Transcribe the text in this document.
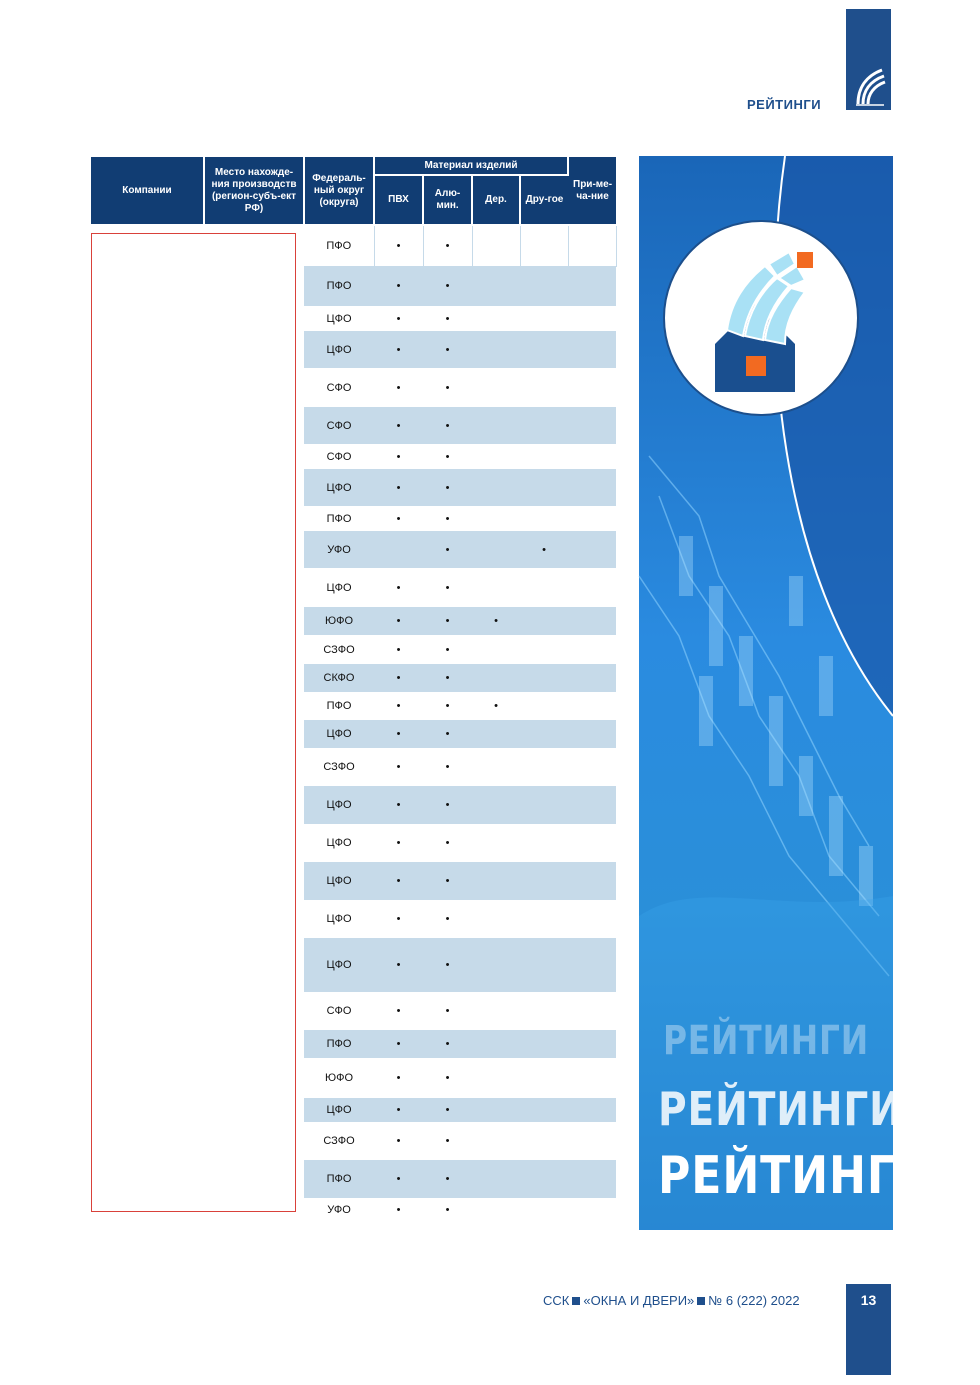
РЕЙТИНГИ
Компании	Место нахожде-ния производств (регион-субъ-ект РФ)	Федераль-ный округ (округа)	Материал изделий				При-ме-ча-ние
			ПВХ	Алю-мин.	Дер.	Дру-гое	
		ПФО	•	•			
		ПФО	•	•			
		ЦФО	•	•			
		ЦФО	•	•			
		СФО	•	•			
		СФО	•	•			
		СФО	•	•			
		ЦФО	•	•			
		ПФО	•	•			
		УФО		•		•	
		ЦФО	•	•			
		ЮФО	•	•	•		
		СЗФО	•	•			
		СКФО	•	•			
		ПФО	•	•	•		
		ЦФО	•	•			
		СЗФО	•	•			
		ЦФО	•	•			
		ЦФО	•	•			
		ЦФО	•	•			
		ЦФО	•	•			
		ЦФО	•	•			
		СФО	•	•			
		ПФО	•	•			
		ЮФО	•	•			
		ЦФО	•	•			
		СЗФО	•	•			
		ПФО	•	•			
		УФО	•	•			
РЕЙТИНГИ
РЕЙТИНГИ
РЕЙТИНГИ
ССК «ОКНА И ДВЕРИ» № 6 (222) 2022	13
